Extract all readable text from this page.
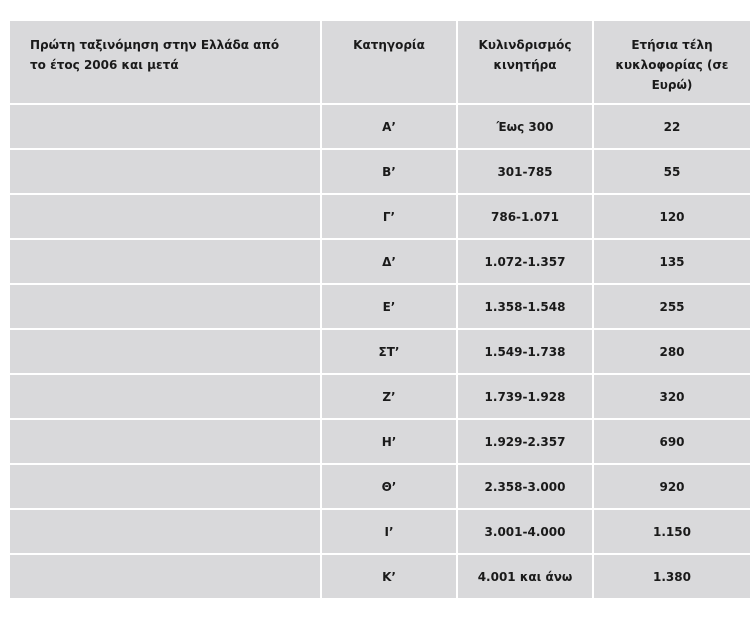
Πρώτη ταξινόμηση στην Ελλάδα από το έτος 2006 και μετά	Κατηγορία	Κυλινδρισμός κινητήρα	Ετήσια τέλη κυκλοφορίας (σε Ευρώ)
	Α’	Έως 300	22
	Β’	301-785	55
	Γ’	786-1.071	120
	Δ’	1.072-1.357	135
	Ε’	1.358-1.548	255
	ΣΤ’	1.549-1.738	280
	Ζ’	1.739-1.928	320
	Η’	1.929-2.357	690
	Θ’	2.358-3.000	920
	Ι’	3.001-4.000	1.150
	Κ’	4.001 και άνω	1.380
